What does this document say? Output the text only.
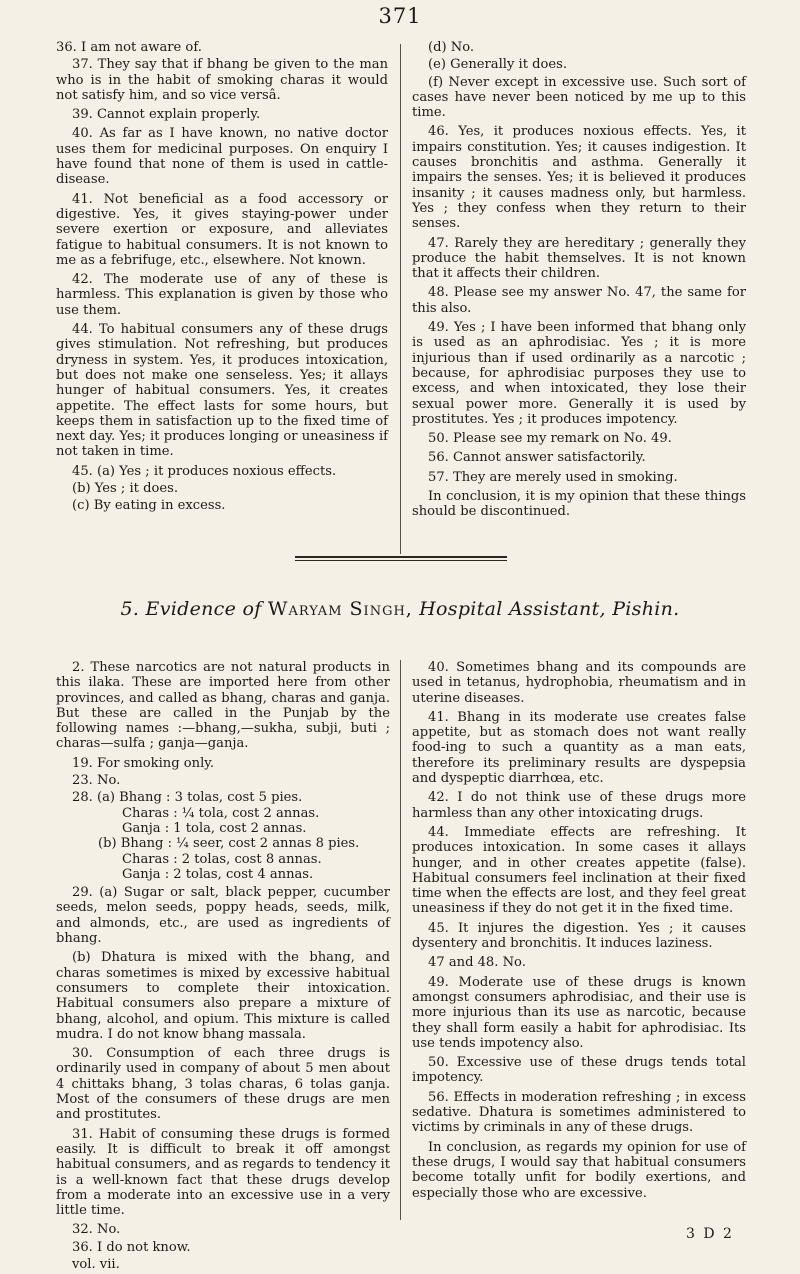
371

36. I am not aware of.

37. They say that if bhang be given to the man who is in the habit of smoking charas it would not satisfy him, and so vice versâ.

39. Cannot explain properly.

40. As far as I have known, no native doctor uses them for medicinal purposes. On enquiry I have found that none of them is used in cattle-disease.

41. Not beneficial as a food accessory or digestive. Yes, it gives staying-power under severe exertion or exposure, and alleviates fatigue to habitual consumers. It is not known to me as a febrifuge, etc., elsewhere. Not known.

42. The moderate use of any of these is harmless. This explanation is given by those who use them.

44. To habitual consumers any of these drugs gives stimulation. Not refreshing, but produces dryness in system. Yes, it produces intoxication, but does not make one senseless. Yes; it allays hunger of habitual consumers. Yes, it creates appetite. The effect lasts for some hours, but keeps them in satisfaction up to the fixed time of next day. Yes; it produces longing or uneasiness if not taken in time.

45. (a) Yes ; it produces noxious effects.

(b) Yes ; it does.

(c) By eating in excess.

(d) No.

(e) Generally it does.

(f) Never except in excessive use. Such sort of cases have never been noticed by me up to this time.

46. Yes, it produces noxious effects. Yes, it impairs constitution. Yes; it causes indigestion. It causes bronchitis and asthma. Generally it impairs the senses. Yes; it is believed it produces insanity ; it causes madness only, but harmless. Yes ; they confess when they return to their senses.

47. Rarely they are hereditary ; generally they produce the habit themselves. It is not known that it affects their children.

48. Please see my answer No. 47, the same for this also.

49. Yes ; I have been informed that bhang only is used as an aphrodisiac. Yes ; it is more injurious than if used ordinarily as a narcotic ; because, for aphrodisiac purposes they use to excess, and when intoxicated, they lose their sexual power more. Generally it is used by prostitutes. Yes ; it produces impotency.

50. Please see my remark on No. 49.

56. Cannot answer satisfactorily.

57. They are merely used in smoking.

In conclusion, it is my opinion that these things should be discontinued.

5. Evidence of Waryam Singh, Hospital Assistant, Pishin.

2. These narcotics are not natural products in this ilaka. These are imported here from other provinces, and called as bhang, charas and ganja. But these are called in the Punjab by the following names :—bhang,—sukha, subji, buti ; charas—sulfa ; ganja—ganja.

19. For smoking only.

23. No.

28. (a) Bhang : 3 tolas, cost 5 pies.
Charas : ¼ tola, cost 2 annas.
Ganja : 1 tola, cost 2 annas.
(b) Bhang : ¼ seer, cost 2 annas 8 pies.
Charas : 2 tolas, cost 8 annas.
Ganja : 2 tolas, cost 4 annas.

29. (a) Sugar or salt, black pepper, cucumber seeds, melon seeds, poppy heads, seeds, milk, and almonds, etc., are used as ingredients of bhang.

(b) Dhatura is mixed with the bhang, and charas sometimes is mixed by excessive habitual consumers to complete their intoxication. Habitual consumers also prepare a mixture of bhang, alcohol, and opium. This mixture is called mudra. I do not know bhang massala.

30. Consumption of each three drugs is ordinarily used in company of about 5 men about 4 chittaks bhang, 3 tolas charas, 6 tolas ganja. Most of the consumers of these drugs are men and prostitutes.

31. Habit of consuming these drugs is formed easily. It is difficult to break it off amongst habitual consumers, and as regards to tendency it is a well-known fact that these drugs develop from a moderate into an excessive use in a very little time.

32. No.

36. I do not know.

vol. vii.

40. Sometimes bhang and its compounds are used in tetanus, hydrophobia, rheumatism and in uterine diseases.

41. Bhang in its moderate use creates false appetite, but as stomach does not want really food-ing to such a quantity as a man eats, therefore its preliminary results are dyspepsia and dyspeptic diarrhœa, etc.

42. I do not think use of these drugs more harmless than any other intoxicating drugs.

44. Immediate effects are refreshing. It produces intoxication. In some cases it allays hunger, and in other creates appetite (false). Habitual consumers feel inclination at their fixed time when the effects are lost, and they feel great uneasiness if they do not get it in the fixed time.

45. It injures the digestion. Yes ; it causes dysentery and bronchitis. It induces laziness.

47 and 48. No.

49. Moderate use of these drugs is known amongst consumers aphrodisiac, and their use is more injurious than its use as narcotic, because they shall form easily a habit for aphrodisiac. Its use tends impotency also.

50. Excessive use of these drugs tends total impotency.

56. Effects in moderation refreshing ; in excess sedative. Dhatura is sometimes administered to victims by criminals in any of these drugs.

In conclusion, as regards my opinion for use of these drugs, I would say that habitual consumers become totally unfit for bodily exertions, and especially those who are excessive.

3 D 2
